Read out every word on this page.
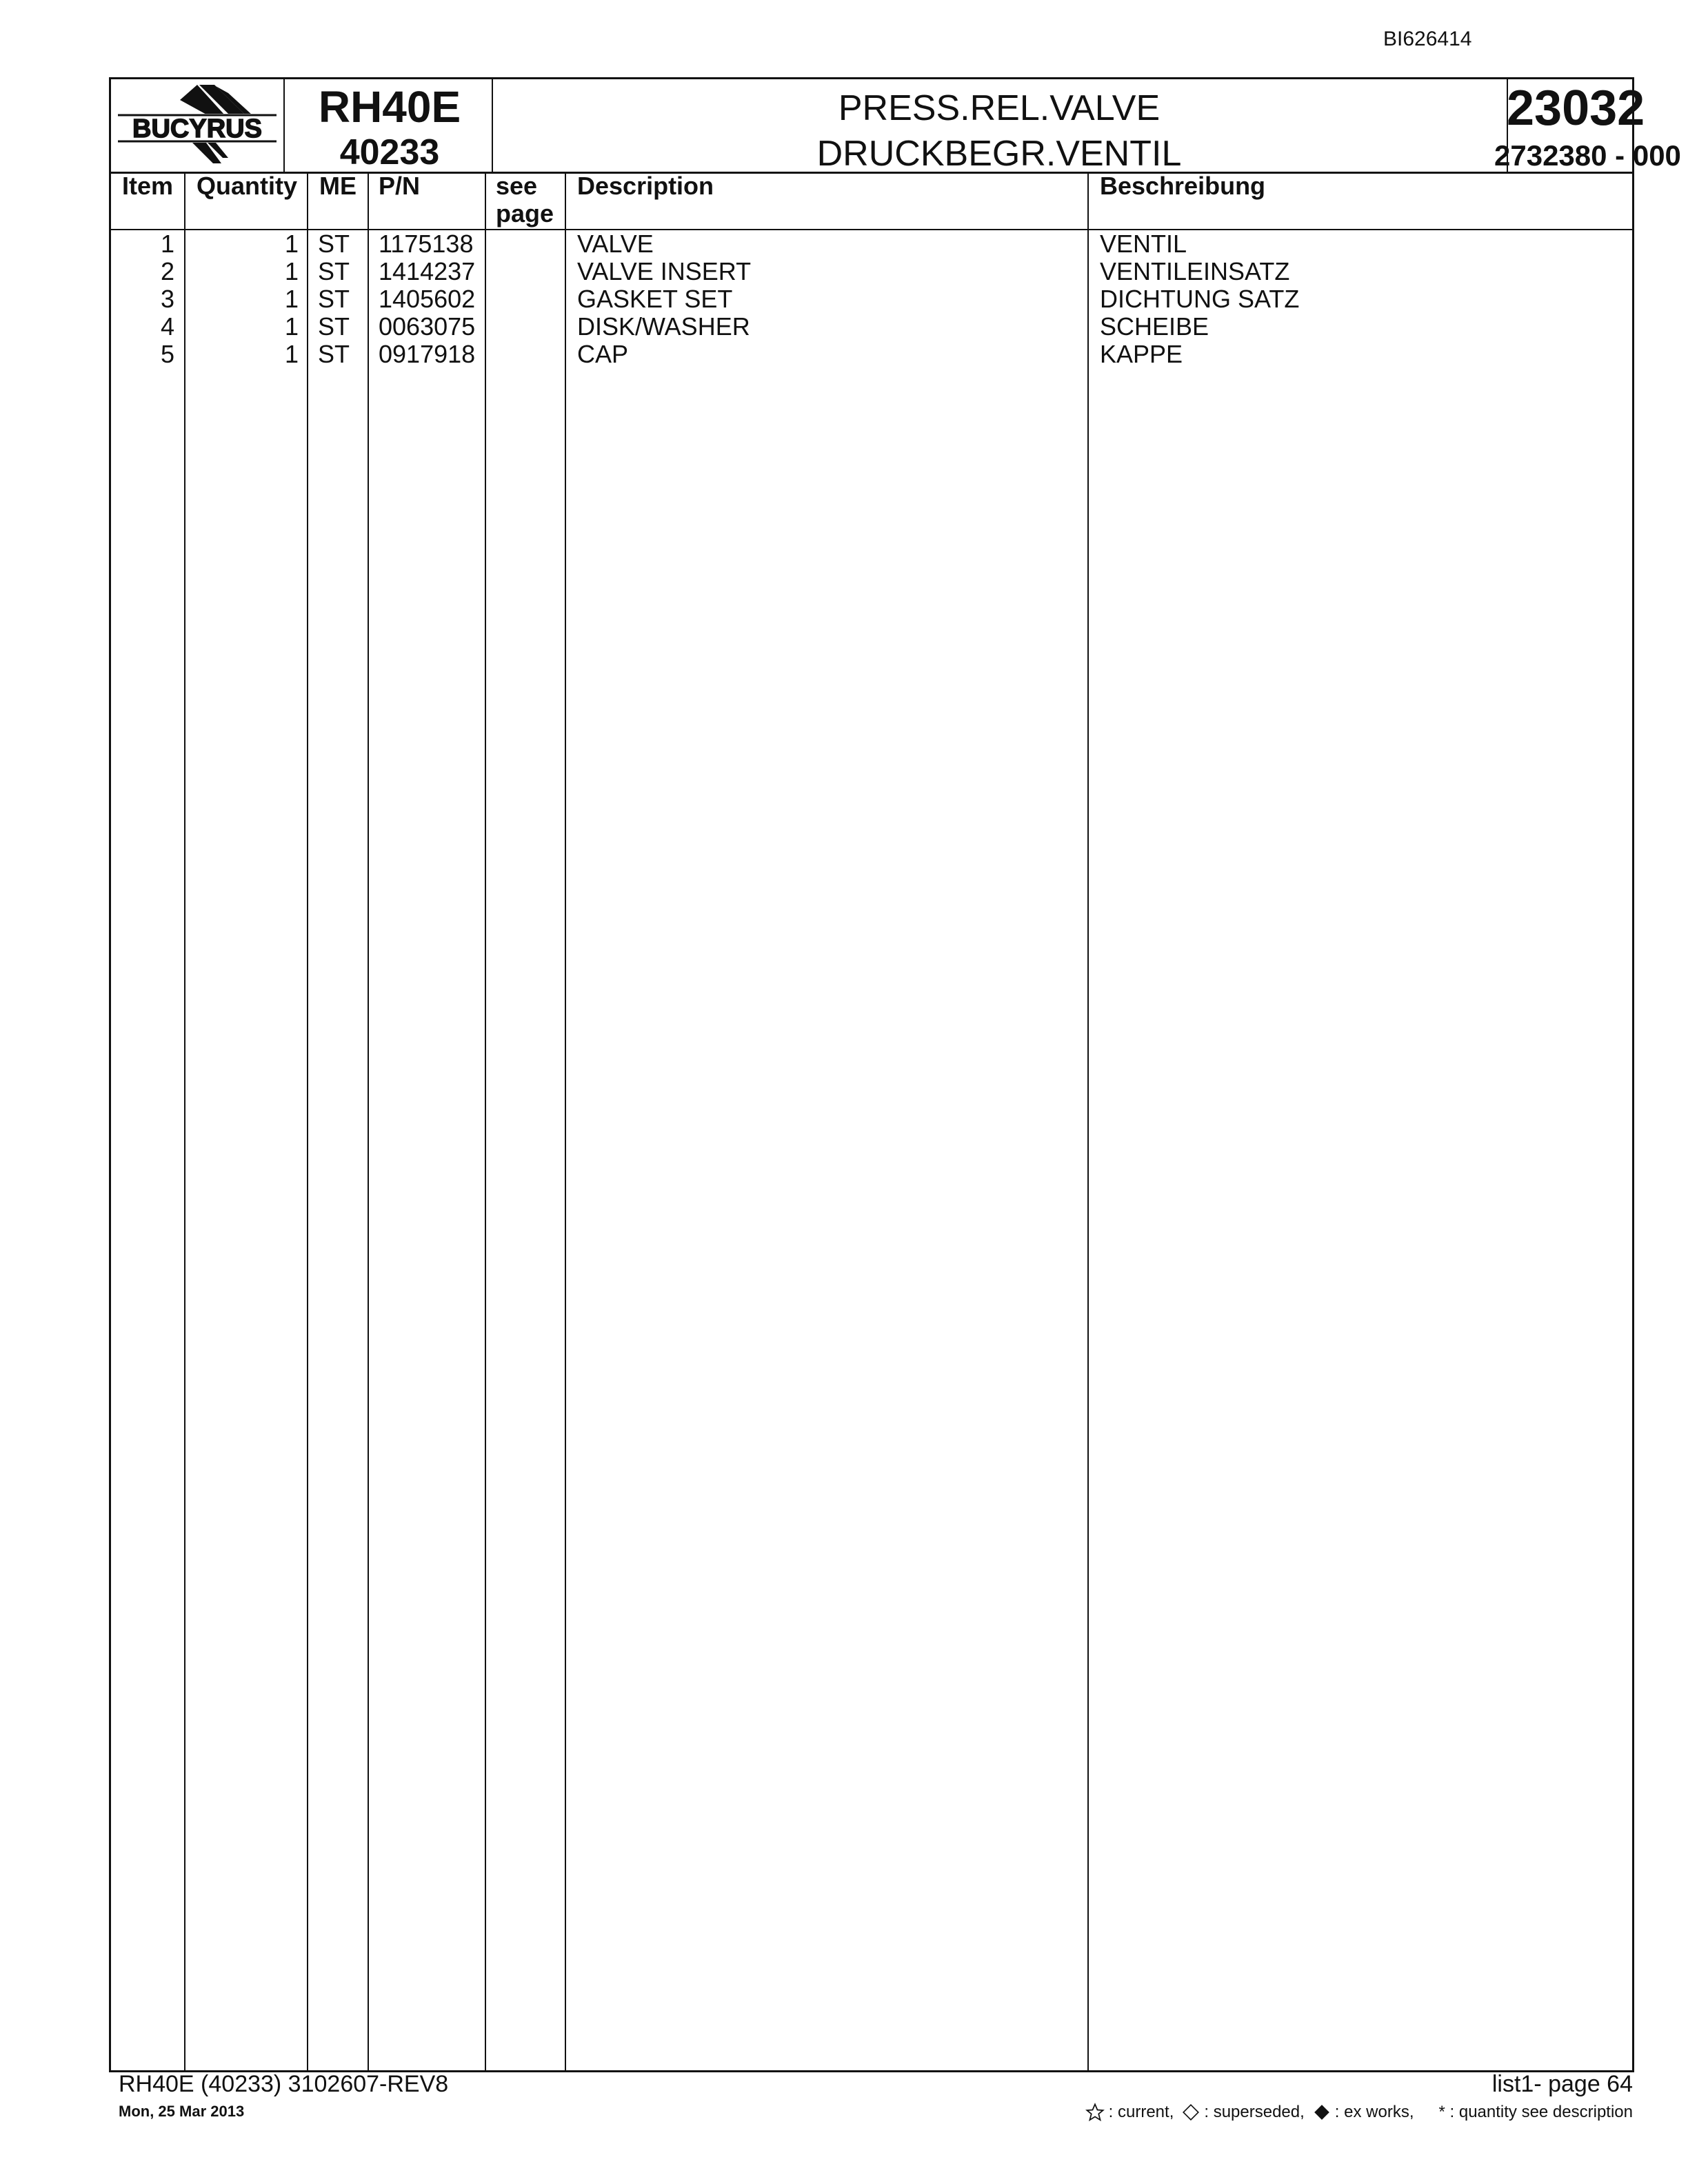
BI626414
BUCYRUS	RH40E
40233
PRESS.REL.VALVE
DRUCKBEGR.VENTIL
23032
2732380 - 000
Item Quantity ME P/N	see
page
Description	Beschreibung
1	1 ST 1175138	VALVE	VENTIL
2	1 ST 1414237	VALVE INSERT	VENTILEINSATZ
3	1 ST 1405602	GASKET SET	DICHTUNG SATZ
4	1 ST 0063075	DISK/WASHER	SCHEIBE
5	1 ST 0917918	CAP	KAPPE
RH40E (40233) 3102607-REV8
Mon, 25 Mar 2013
list1- page 64
: current, : superseded, : ex works, * : quantity see description
